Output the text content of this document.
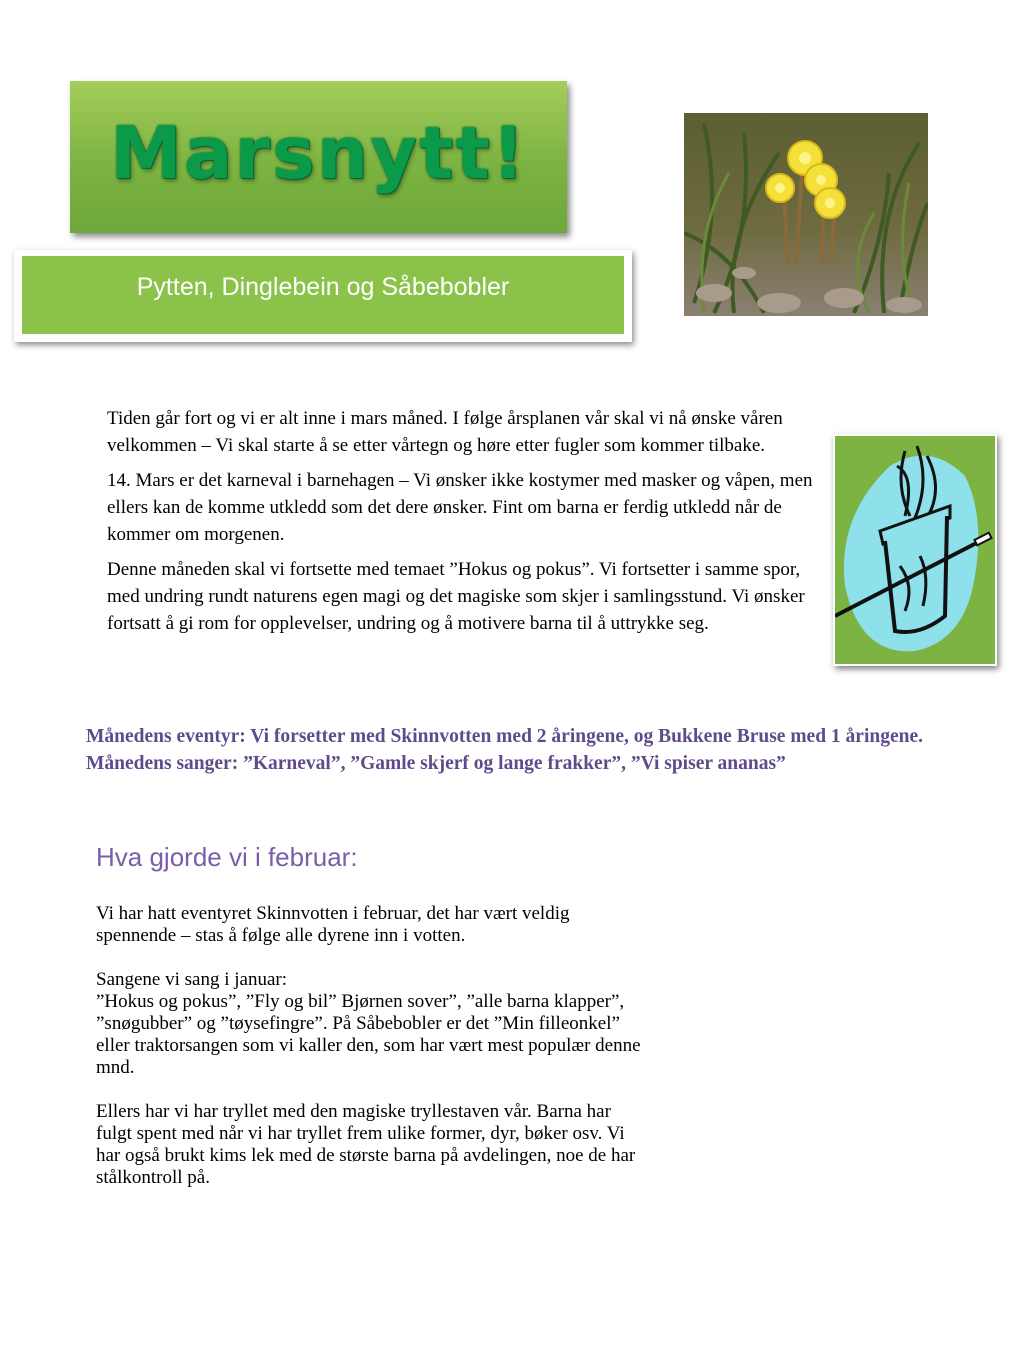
Marsnytt!
Pytten, Dinglebein og Såbebobler

Tiden går fort og vi er alt inne i mars måned. I følge årsplanen vår skal vi nå ønske våren velkommen – Vi skal starte å se etter vårtegn og høre etter fugler som kommer tilbake.

14. Mars er det karneval i barnehagen – Vi ønsker ikke kostymer med masker og våpen, men ellers kan de komme utkledd som det dere ønsker. Fint om barna er ferdig utkledd når de kommer om morgenen.

Denne måneden skal vi fortsette med temaet ”Hokus og pokus”. Vi fortsetter i samme spor, med undring rundt naturens egen magi og det magiske som skjer i samlingsstund. Vi ønsker fortsatt å gi rom for opplevelser, undring og å motivere barna til å uttrykke seg.

Månedens eventyr: Vi forsetter med Skinnvotten med 2 åringene, og Bukkene Bruse med 1 åringene.

Månedens sanger: ”Karneval”, ”Gamle skjerf og lange frakker”, ”Vi spiser ananas”

Hva gjorde vi i februar:

Vi har hatt eventyret Skinnvotten i februar, det har vært veldig
spennende – stas å følge alle dyrene inn i votten.

Sangene vi sang i januar:
”Hokus og pokus”, ”Fly og bil” Bjørnen sover”, ”alle barna klapper”,
”snøgubber” og ”tøysefingre”. På Såbebobler er det ”Min filleonkel”
eller traktorsangen som vi kaller den, som har vært mest populær denne
mnd.

Ellers har vi har tryllet med den magiske tryllestaven vår. Barna har
fulgt spent med når vi har tryllet frem ulike former, dyr, bøker osv. Vi
har også brukt kims lek med de største barna på avdelingen, noe de har
stålkontroll på.
